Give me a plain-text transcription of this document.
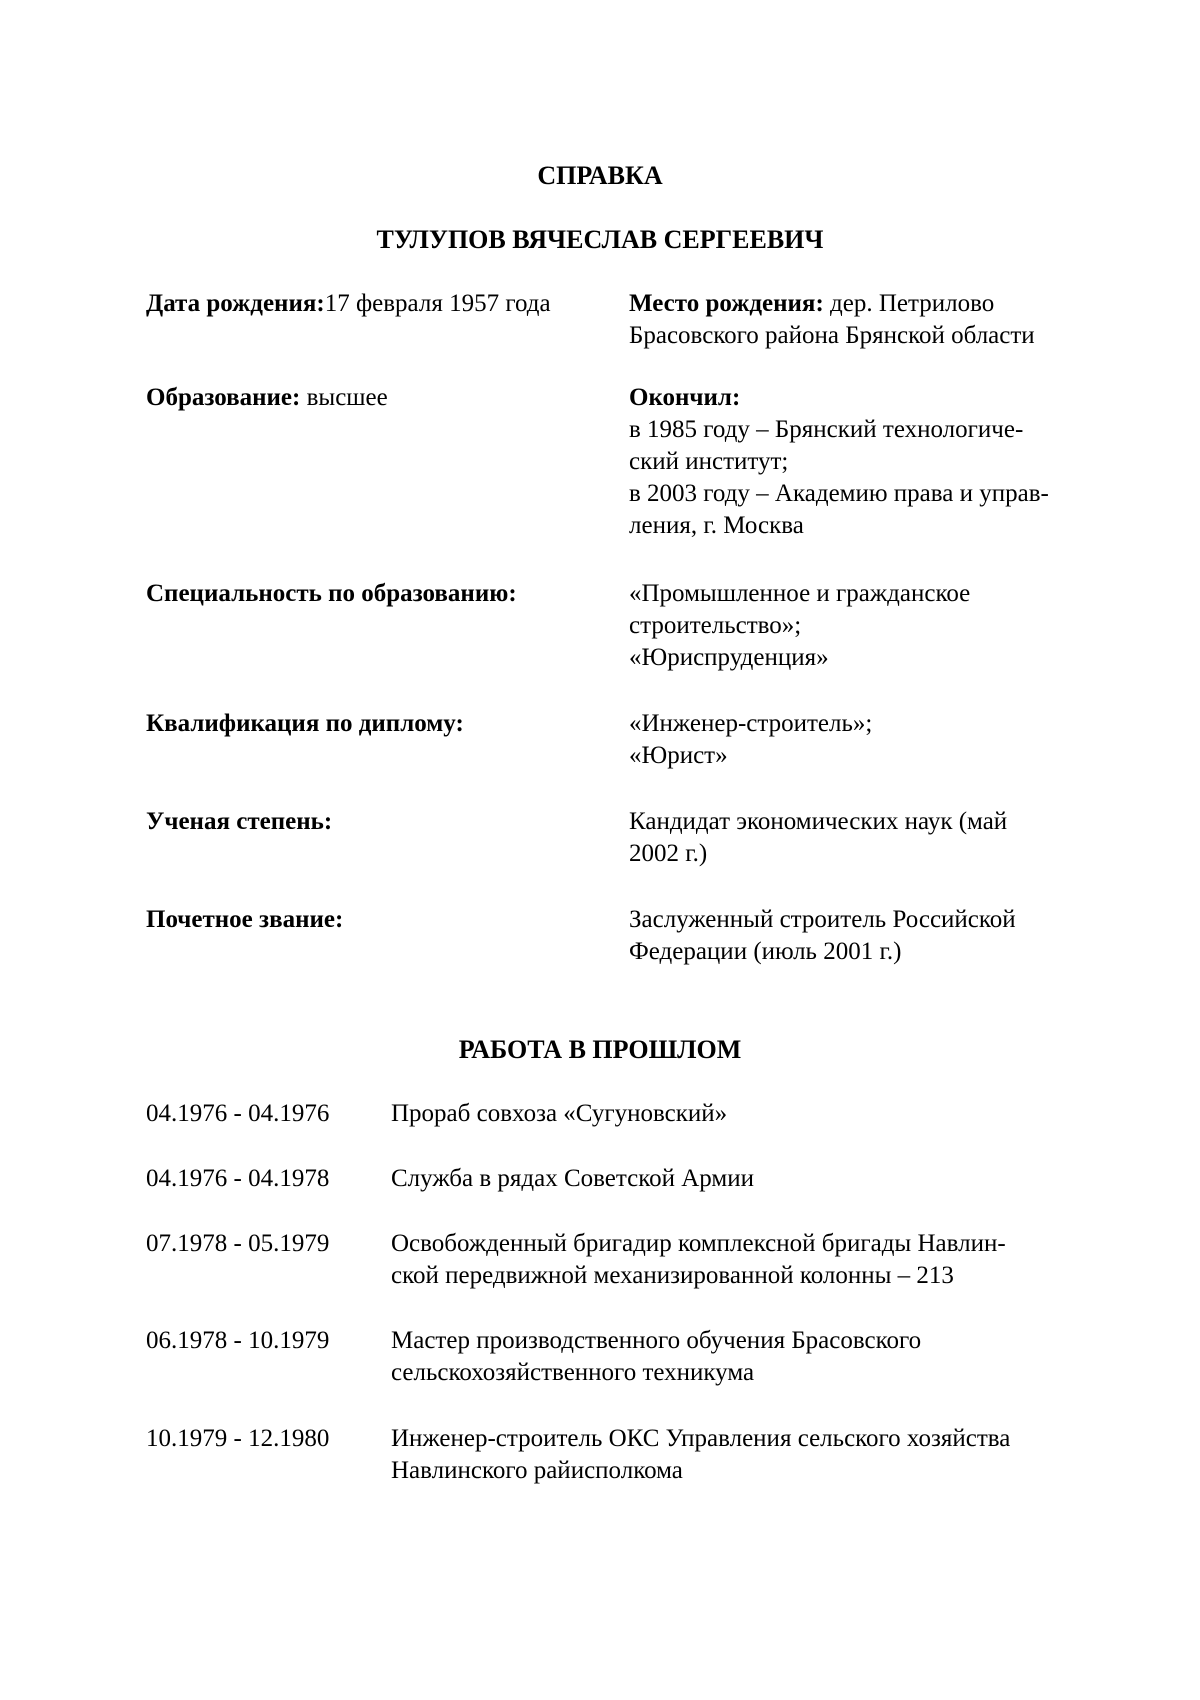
СПРАВКА
ТУЛУПОВ ВЯЧЕСЛАВ СЕРГЕЕВИЧ
Дата рождения:17 февраля 1957 года	Место рождения: дер. Петрилово
Брасовского района Брянской области
Образование: высшее	Окончил:
в 1985 году – Брянский технологиче-
ский институт;
в 2003 году – Академию права и управ-
ления, г. Москва
Специальность по образованию:	«Промышленное и гражданское
строительство»;
«Юриспруденция»
Квалификация по диплому:	«Инженер-строитель»;
«Юрист»
Ученая степень:	Кандидат экономических наук (май
2002 г.)
Почетное звание:	Заслуженный строитель Российской
Федерации (июль 2001 г.)
РАБОТА В ПРОШЛОМ
04.1976 - 04.1976 Прораб совхоза «Сугуновский»
04.1976 - 04.1978 Служба в рядах Советской Армии
07.1978 - 05.1979 Освобожденный бригадир комплексной бригады Навлин-
ской передвижной механизированной колонны – 213
06.1978 - 10.1979 Мастер производственного обучения Брасовского
сельскохозяйственного техникума
10.1979 - 12.1980 Инженер-строитель ОКС Управления сельского хозяйства
Навлинского райисполкома
